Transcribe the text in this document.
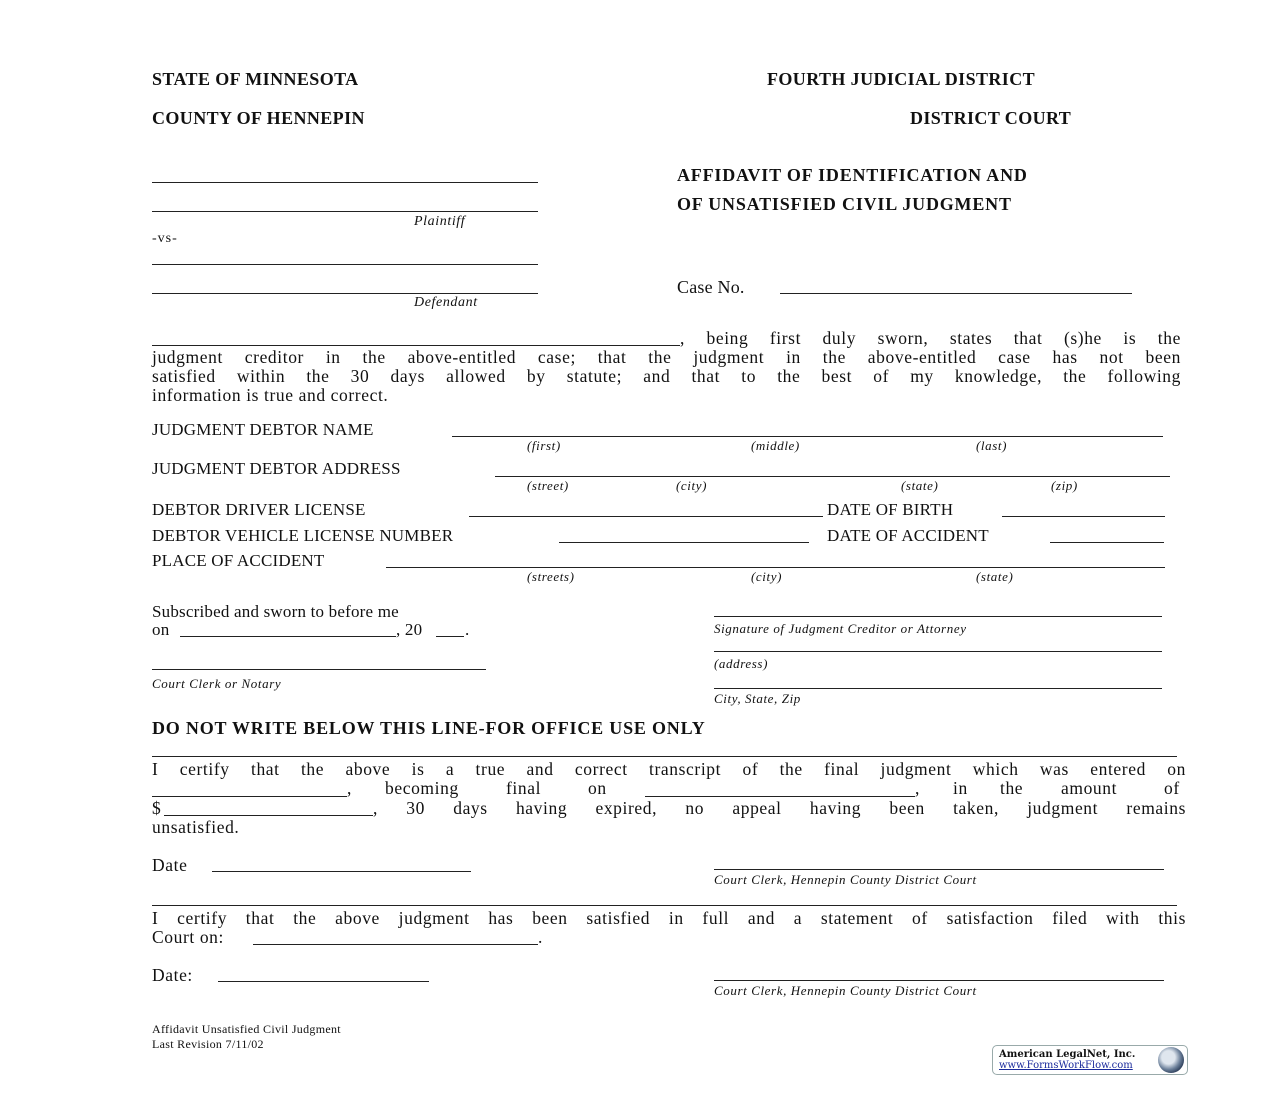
STATE OF MINNESOTA
COUNTY OF HENNEPIN
FOURTH JUDICIAL DISTRICT
DISTRICT COURT
AFFIDAVIT OF IDENTIFICATION AND
OF UNSATISFIED CIVIL JUDGMENT
Plaintiff
-vs-
Defendant
Case No.
, being first duly sworn, states that (s)he is the
judgment creditor in the above-entitled case; that the judgment in the above-entitled case has not been
satisfied within the 30 days allowed by statute; and that to the best of my knowledge, the following
information is true and correct.
JUDGMENT DEBTOR NAME
(first)	(middle)	(last)
JUDGMENT DEBTOR ADDRESS
(street)	(city)	(state)	(zip)
DEBTOR DRIVER LICENSE	DATE OF BIRTH
DEBTOR VEHICLE LICENSE NUMBER	DATE OF ACCIDENT
PLACE OF ACCIDENT
(streets)	(city)	(state)
Subscribed and sworn to before me
on	, 20	.
Court Clerk or Notary
Signature of Judgment Creditor or Attorney
(address)
City, State, Zip
DO NOT WRITE BELOW THIS LINE-FOR OFFICE USE ONLY
I certify that the above is a true and correct transcript of the final judgment which was entered on
, becoming	final	on	, in the amount	of
$	, 30 days having expired, no appeal having been taken, judgment remains
unsatisfied.
Date
Court Clerk, Hennepin County District Court
I certify that the above judgment has been satisfied in full and a statement of satisfaction filed with this
Court on:	.
Date:
Court Clerk, Hennepin County District Court
Affidavit Unsatisfied Civil Judgment
Last Revision 7/11/02
American LegalNet, Inc.
www.FormsWorkFlow.com
